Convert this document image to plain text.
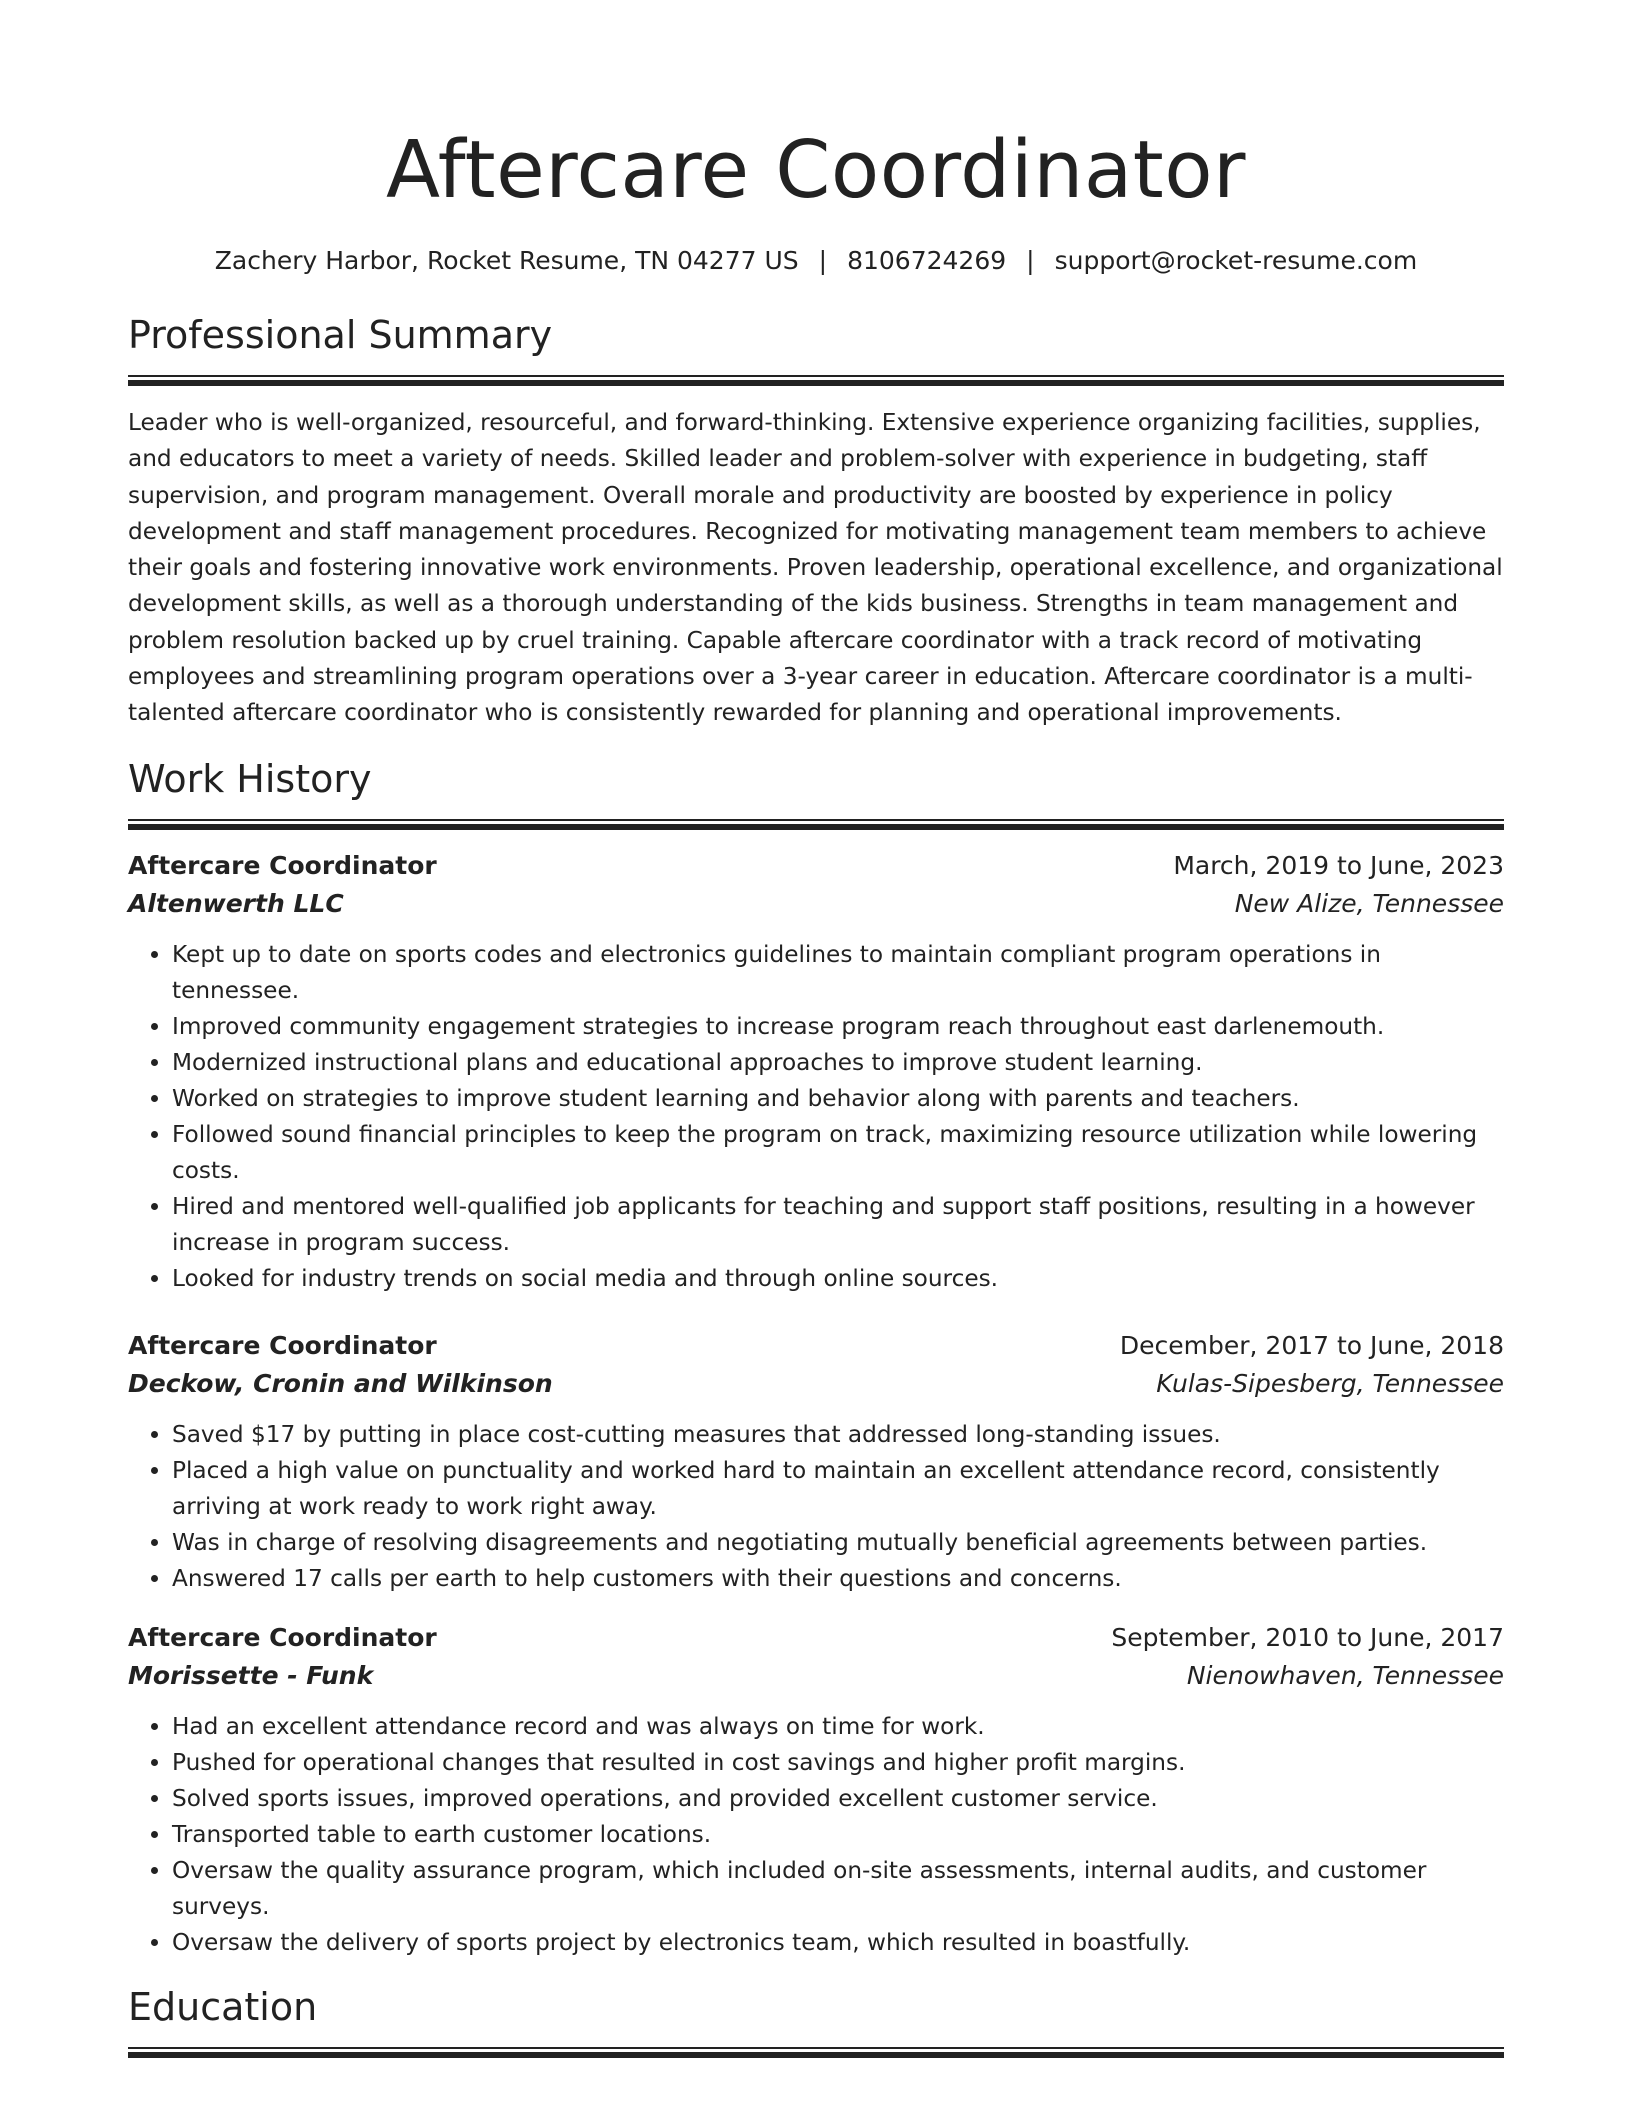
Aftercare Coordinator
Zachery Harbor, Rocket Resume, TN 04277 US | 8106724269 | support@rocket-resume.com
Professional Summary

Leader who is well-organized, resourceful, and forward-thinking. Extensive experience organizing facilities, supplies, and educators to meet a variety of needs. Skilled leader and problem-solver with experience in budgeting, staff supervision, and program management. Overall morale and productivity are boosted by experience in policy development and staff management procedures. Recognized for motivating management team members to achieve their goals and fostering innovative work environments. Proven leadership, operational excellence, and organizational development skills, as well as a thorough understanding of the kids business. Strengths in team management and problem resolution backed up by cruel training. Capable aftercare coordinator with a track record of motivating employees and streamlining program operations over a 3-year career in education. Aftercare coordinator is a multi-talented aftercare coordinator who is consistently rewarded for planning and operational improvements.

Work History
Aftercare Coordinator	March, 2019 to June, 2023
Altenwerth LLC	New Alize, Tennessee
• Kept up to date on sports codes and electronics guidelines to maintain compliant program operations in tennessee.
• Improved community engagement strategies to increase program reach throughout east darlenemouth.
• Modernized instructional plans and educational approaches to improve student learning.
• Worked on strategies to improve student learning and behavior along with parents and teachers.
• Followed sound financial principles to keep the program on track, maximizing resource utilization while lowering costs.
• Hired and mentored well-qualified job applicants for teaching and support staff positions, resulting in a however increase in program success.
• Looked for industry trends on social media and through online sources.
Aftercare Coordinator	December, 2017 to June, 2018
Deckow, Cronin and Wilkinson	Kulas-Sipesberg, Tennessee
• Saved $17 by putting in place cost-cutting measures that addressed long-standing issues.
• Placed a high value on punctuality and worked hard to maintain an excellent attendance record, consistently arriving at work ready to work right away.
• Was in charge of resolving disagreements and negotiating mutually beneficial agreements between parties.
• Answered 17 calls per earth to help customers with their questions and concerns.
Aftercare Coordinator	September, 2010 to June, 2017
Morissette - Funk	Nienowhaven, Tennessee
• Had an excellent attendance record and was always on time for work.
• Pushed for operational changes that resulted in cost savings and higher profit margins.
• Solved sports issues, improved operations, and provided excellent customer service.
• Transported table to earth customer locations.
• Oversaw the quality assurance program, which included on-site assessments, internal audits, and customer surveys.
• Oversaw the delivery of sports project by electronics team, which resulted in boastfully.
Education
